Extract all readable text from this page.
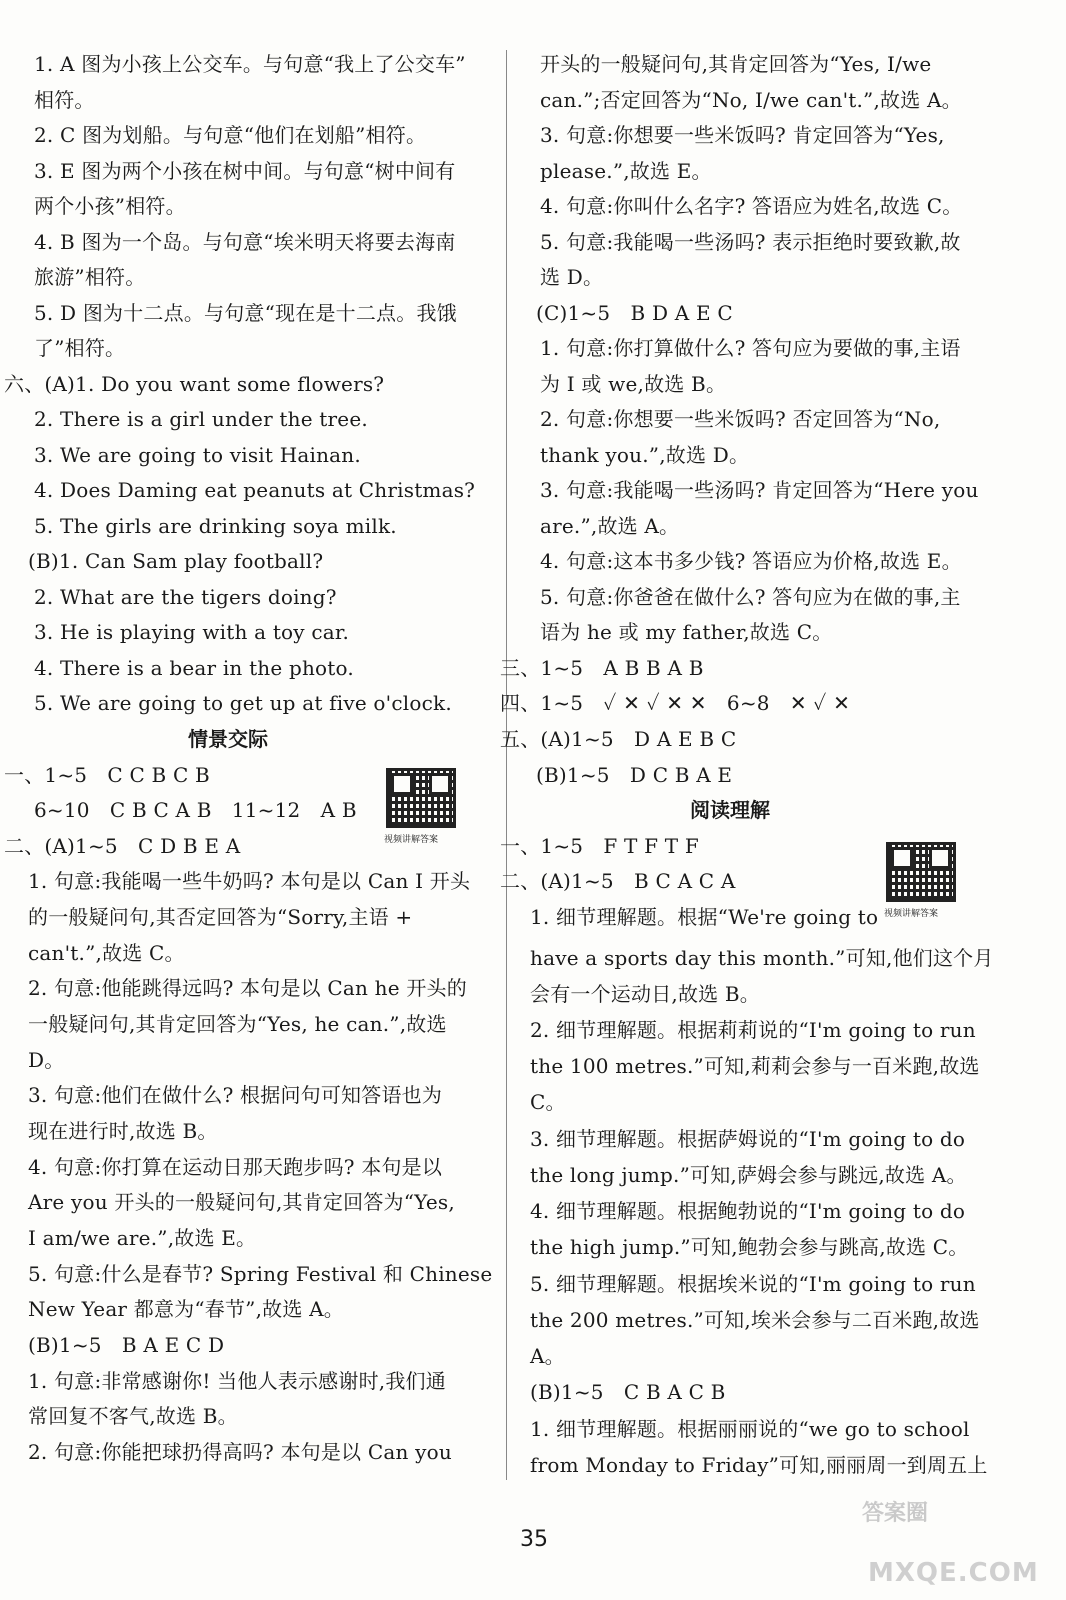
1. A 图为小孩上公交车。与句意“我上了公交车”
相符。
2. C 图为划船。与句意“他们在划船”相符。
3. E 图为两个小孩在树中间。与句意“树中间有
两个小孩”相符。
4. B 图为一个岛。与句意“埃米明天将要去海南
旅游”相符。
5. D 图为十二点。与句意“现在是十二点。我饿
了”相符。
六、(A)1. Do you want some flowers?
2. There is a girl under the tree.
3. We are going to visit Hainan.
4. Does Daming eat peanuts at Christmas?
5. The girls are drinking soya milk.
(B)1. Can Sam play football?
2. What are the tigers doing?
3. He is playing with a toy car.
4. There is a bear in the photo.
5. We are going to get up at five o'clock.
情景交际
一、1~5　C C B C B
6~10　C B C A B　11~12　A B
视频讲解答案
二、(A)1~5　C D B E A
1. 句意:我能喝一些牛奶吗? 本句是以 Can I 开头
的一般疑问句,其否定回答为“Sorry,主语 +
can't.”,故选 C。
2. 句意:他能跳得远吗? 本句是以 Can he 开头的
一般疑问句,其肯定回答为“Yes, he can.”,故选
D。
3. 句意:他们在做什么? 根据问句可知答语也为
现在进行时,故选 B。
4. 句意:你打算在运动日那天跑步吗? 本句是以
Are you 开头的一般疑问句,其肯定回答为“Yes,
I am/we are.”,故选 E。
5. 句意:什么是春节? Spring Festival 和 Chinese
New Year 都意为“春节”,故选 A。
(B)1~5　B A E C D
1. 句意:非常感谢你! 当他人表示感谢时,我们通
常回复不客气,故选 B。
2. 句意:你能把球扔得高吗? 本句是以 Can you
开头的一般疑问句,其肯定回答为“Yes, I/we
can.”;否定回答为“No, I/we can't.”,故选 A。
3. 句意:你想要一些米饭吗? 肯定回答为“Yes,
please.”,故选 E。
4. 句意:你叫什么名字? 答语应为姓名,故选 C。
5. 句意:我能喝一些汤吗? 表示拒绝时要致歉,故
选 D。
(C)1~5　B D A E C
1. 句意:你打算做什么? 答句应为要做的事,主语
为 I 或 we,故选 B。
2. 句意:你想要一些米饭吗? 否定回答为“No,
thank you.”,故选 D。
3. 句意:我能喝一些汤吗? 肯定回答为“Here you
are.”,故选 A。
4. 句意:这本书多少钱? 答语应为价格,故选 E。
5. 句意:你爸爸在做什么? 答句应为在做的事,主
语为 he 或 my father,故选 C。
三、1~5　A B B A B
四、1~5　✓ ✕ ✓ ✕ ✕　6~8　✕ ✓ ✕
五、(A)1~5　D A E B C
(B)1~5　D C B A E
阅读理解
一、1~5　F T F T F
视频讲解答案
二、(A)1~5　B C A C A
1. 细节理解题。根据“We're going to
have a sports day this month.”可知,他们这个月
会有一个运动日,故选 B。
2. 细节理解题。根据莉莉说的“I'm going to run
the 100 metres.”可知,莉莉会参与一百米跑,故选
C。
3. 细节理解题。根据萨姆说的“I'm going to do
the long jump.”可知,萨姆会参与跳远,故选 A。
4. 细节理解题。根据鲍勃说的“I'm going to do
the high jump.”可知,鲍勃会参与跳高,故选 C。
5. 细节理解题。根据埃米说的“I'm going to run
the 200 metres.”可知,埃米会参与二百米跑,故选
A。
(B)1~5　C B A C B
1. 细节理解题。根据丽丽说的“we go to school
from Monday to Friday”可知,丽丽周一到周五上
35
答案圈
MXQE.COM
